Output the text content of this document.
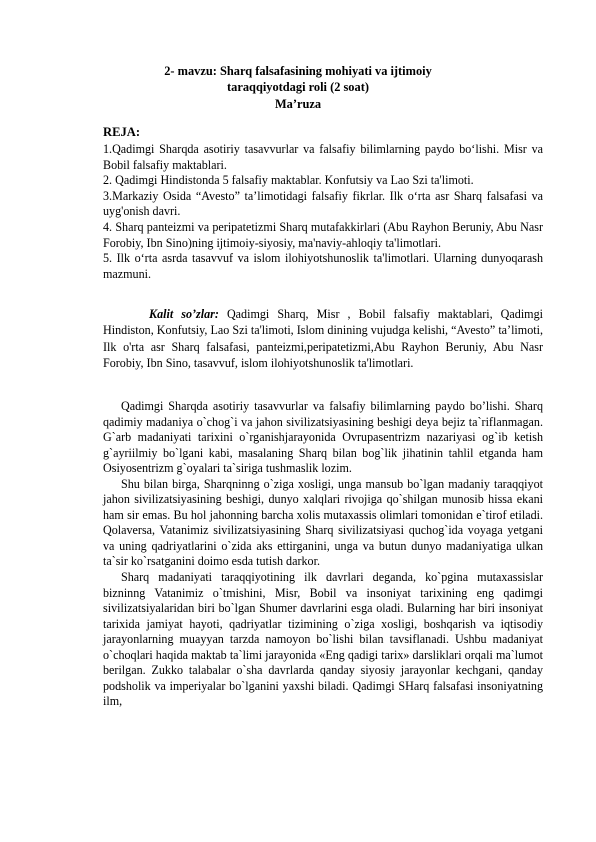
2- mavzu: Sharq falsafasining mohiyati va ijtimoiy
taraqqiyotdagi roli (2 soat)
Ma’ruza
REJA:

1.Qadimgi Sharqda asotiriy tasavvurlar va falsafiy bilimlarning paydo bo‘lishi. Misr va Bobil falsafiy maktablari.

2. Qadimgi Hindistonda 5 falsafiy maktablar. Konfutsiy va Lao Szi ta'limoti.

3.Markaziy Osida “Avesto” ta’limotidagi falsafiy fikrlar. Ilk o‘rta asr Sharq falsafasi va uyg'onish davri.

4. Sharq panteizmi va peripatetizmi Sharq mutafakkirlari (Abu Rayhon Beruniy, Abu Nasr Forobiy, Ibn Sino)ning ijtimoiy-siyosiy, ma'naviy-ahloqiy ta'limotlari.

5. Ilk o‘rta asrda tasavvuf va islom ilohiyotshunoslik ta'limotlari. Ularning dunyoqarash mazmuni.

Kalit so’zlar: Qadimgi Sharq, Misr , Bobil falsafiy maktablari, Qadimgi Hindiston, Konfutsiy, Lao Szi ta'limoti, Islom dinining vujudga kelishi, “Avesto” ta’limoti, Ilk o'rta asr Sharq falsafasi, panteizmi,peripatetizmi,Abu Rayhon Beruniy, Abu Nasr Forobiy, Ibn Sino, tasavvuf, islom ilohiyotshunoslik ta'limotlari.

Qadimgi Sharqda asotiriy tasavvurlar va falsafiy bilimlarning paydo bo’lishi. Sharq qadimiy madaniya o`chog`i va jahon sivilizatsiyasining beshigi deya bejiz ta`riflanmagan. G`arb madaniyati tarixini o`rganishjarayonida Ovrupasentrizm nazariyasi og`ib ketish g`ayriilmiy bo`lgani kabi, masalaning Sharq bilan bog`lik jihatinin tahlil etganda ham Osiyosentrizm g`oyalari ta`siriga tushmaslik lozim.

Shu bilan birga, Sharqninng o`ziga xosligi, unga mansub bo`lgan madaniy taraqqiyot jahon sivilizatsiyasining beshigi, dunyo xalqlari rivojiga qo`shilgan munosib hissa ekani ham sir emas. Bu hol jahonning barcha xolis mutaxassis olimlari tomonidan e`tirof etiladi. Qolaversa, Vatanimiz sivilizatsiyasining Sharq sivilizatsiyasi quchog`ida voyaga yetgani va uning qadriyatlarini o`zida aks ettirganini, unga va butun dunyo madaniyatiga ulkan ta`sir ko`rsatganini doimo esda tutish darkor.

Sharq madaniyati taraqqiyotining ilk davrlari deganda, ko`pgina mutaxassislar bizninng Vatanimiz o`tmishini, Misr, Bobil va insoniyat tarixining eng qadimgi sivilizatsiyalaridan biri bo`lgan Shumer davrlarini esga oladi. Bularning har biri insoniyat tarixida jamiyat hayoti, qadriyatlar tizimining o`ziga xosligi, boshqarish va iqtisodiy jarayonlarning muayyan tarzda namoyon bo`lishi bilan tavsiflanadi. Ushbu madaniyat o`choqlari haqida maktab ta`limi jarayonida «Eng qadigi tarix» darsliklari orqali ma`lumot berilgan. Zukko talabalar o`sha davrlarda qanday siyosiy jarayonlar kechgani, qanday podsholik va imperiyalar bo`lganini yaxshi biladi. Qadimgi SHarq falsafasi insoniyatning ilm,
